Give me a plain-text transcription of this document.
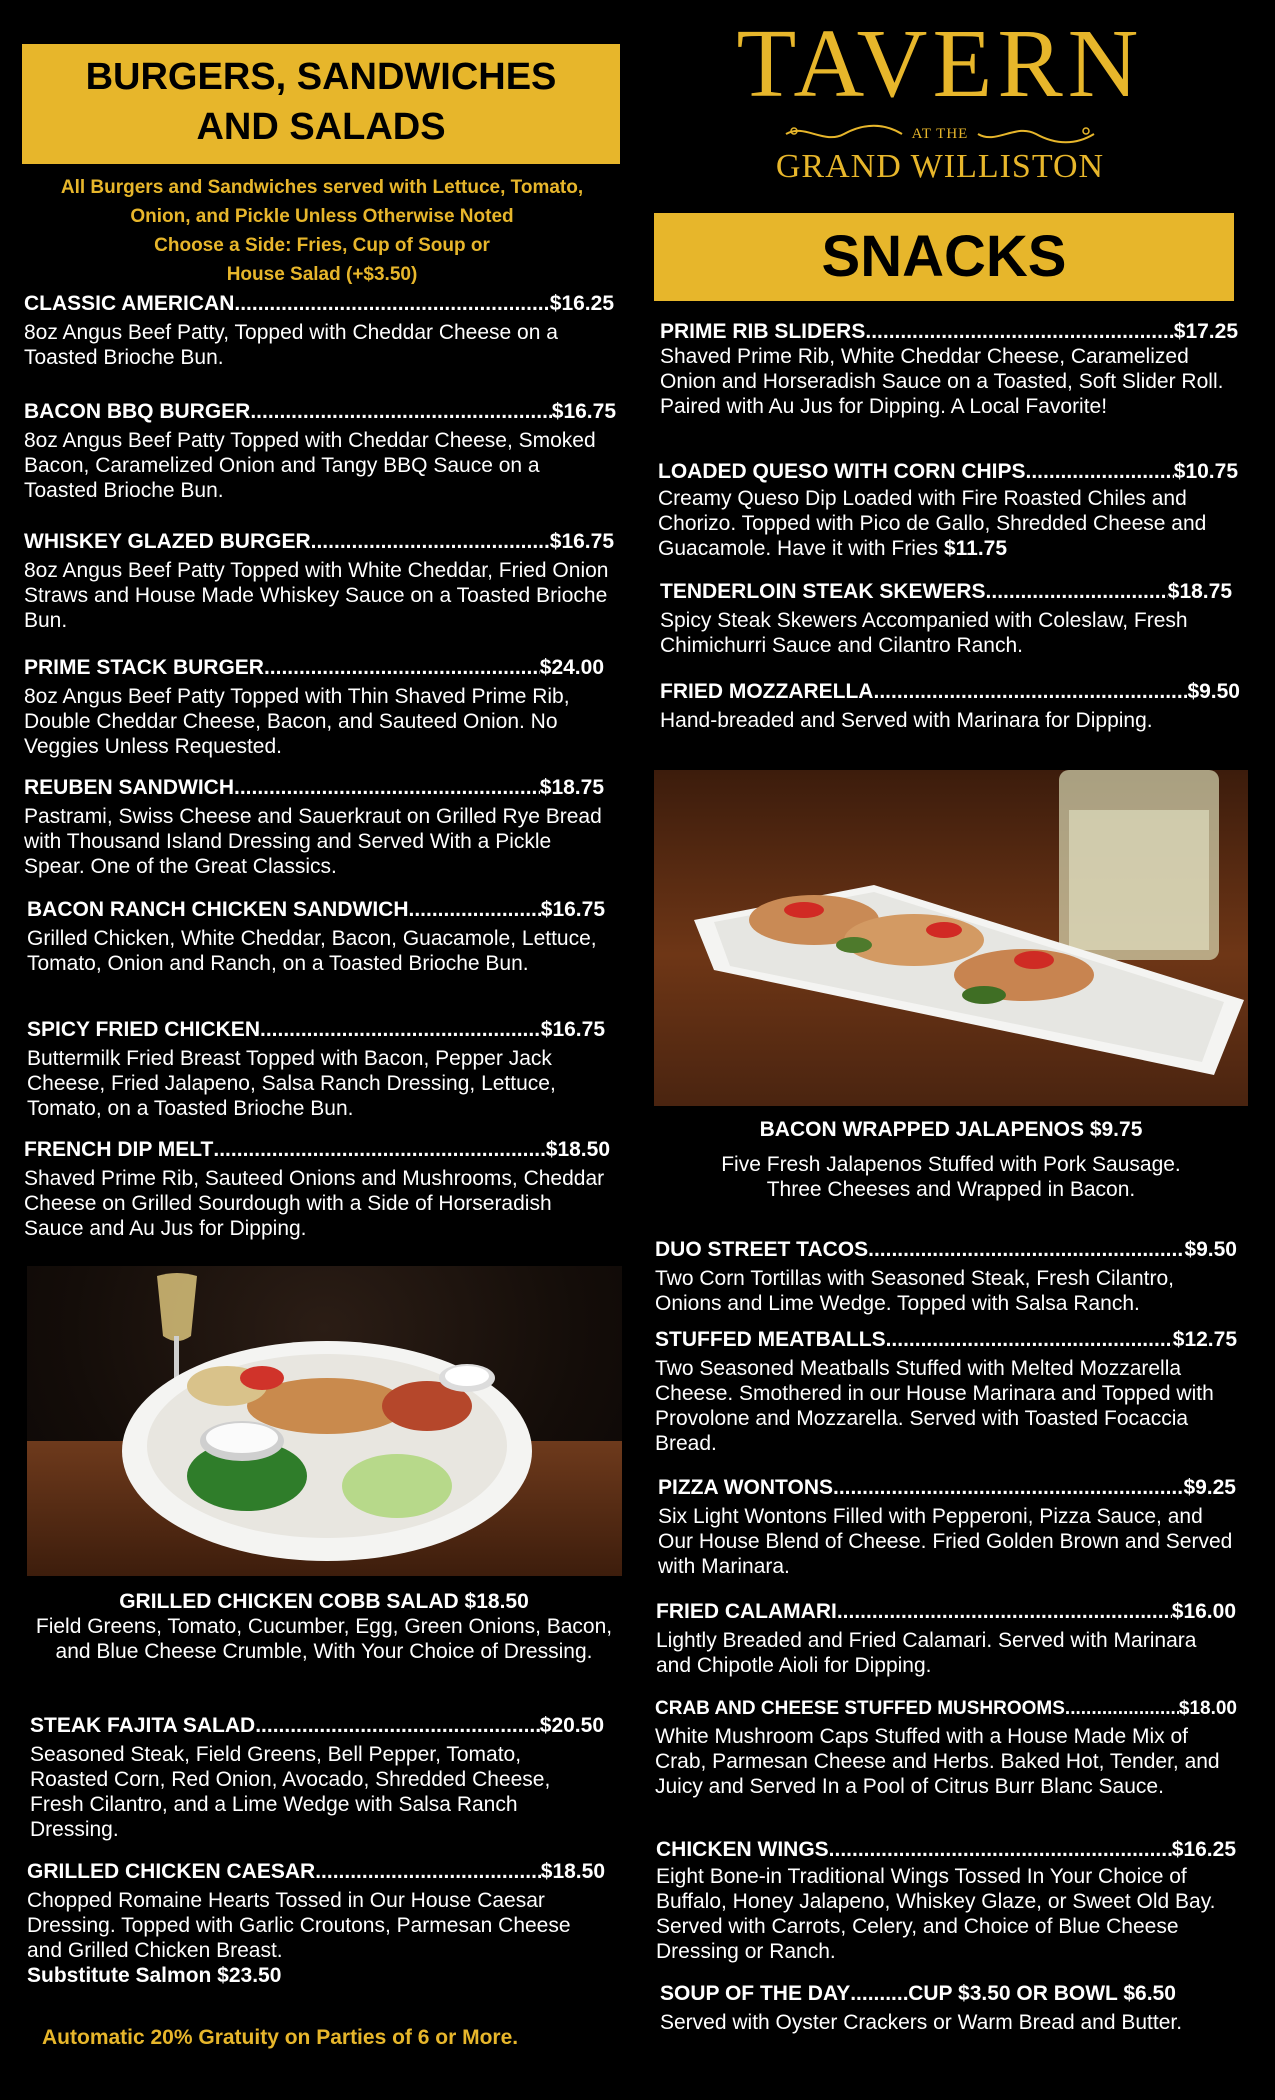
TAVERN
AT THE
GRAND WILLISTON
BURGERS, SANDWICHES
AND SALADS
All Burgers and Sandwiches served with Lettuce, Tomato,
Onion, and Pickle Unless Otherwise Noted
Choose a Side: Fries, Cup of Soup or
House Salad (+$3.50)
CLASSIC AMERICAN .....	$16.25
8oz Angus Beef Patty, Topped with Cheddar Cheese on a Toasted Brioche Bun.
BACON BBQ BURGER .....	$16.75
8oz Angus Beef Patty Topped with Cheddar Cheese, Smoked Bacon, Caramelized Onion and Tangy BBQ Sauce on a Toasted Brioche Bun.
WHISKEY GLAZED BURGER .....	$16.75
8oz Angus Beef Patty Topped with White Cheddar, Fried Onion Straws and House Made Whiskey Sauce on a Toasted Brioche Bun.
PRIME STACK BURGER .....	$24.00
8oz Angus Beef Patty Topped with Thin Shaved Prime Rib, Double Cheddar Cheese, Bacon, and Sauteed Onion. No Veggies Unless Requested.
REUBEN SANDWICH .....	$18.75
Pastrami, Swiss Cheese and Sauerkraut on Grilled Rye Bread with Thousand Island Dressing and Served With a Pickle Spear. One of the Great Classics.
BACON RANCH CHICKEN SANDWICH .....	$16.75
Grilled Chicken, White Cheddar, Bacon, Guacamole, Lettuce, Tomato, Onion and Ranch, on a Toasted Brioche Bun.
SPICY FRIED CHICKEN .....	$16.75
Buttermilk Fried Breast Topped with Bacon, Pepper Jack Cheese, Fried Jalapeno, Salsa Ranch Dressing, Lettuce, Tomato, on a Toasted Brioche Bun.
FRENCH DIP MELT .....	$18.50
Shaved Prime Rib, Sauteed Onions and Mushrooms, Cheddar Cheese on Grilled Sourdough with a Side of Horseradish Sauce and Au Jus for Dipping.
GRILLED CHICKEN COBB SALAD $18.50
Field Greens, Tomato, Cucumber, Egg, Green Onions, Bacon, and Blue Cheese Crumble, With Your Choice of Dressing.
STEAK FAJITA SALAD .....	$20.50
Seasoned Steak, Field Greens, Bell Pepper, Tomato, Roasted Corn, Red Onion, Avocado, Shredded Cheese, Fresh Cilantro, and a Lime Wedge with Salsa Ranch Dressing.
GRILLED CHICKEN CAESAR .....	$18.50
Chopped Romaine Hearts Tossed in Our House Caesar Dressing. Topped with Garlic Croutons, Parmesan Cheese and Grilled Chicken Breast.
Substitute Salmon $23.50
Automatic 20% Gratuity on Parties of 6 or More.
SNACKS
PRIME RIB SLIDERS .....	$17.25
Shaved Prime Rib, White Cheddar Cheese, Caramelized Onion and Horseradish Sauce on a Toasted, Soft Slider Roll. Paired with Au Jus for Dipping. A Local Favorite!
LOADED QUESO WITH CORN CHIPS .....	$10.75
Creamy Queso Dip Loaded with Fire Roasted Chiles and Chorizo. Topped with Pico de Gallo, Shredded Cheese and Guacamole. Have it with Fries $11.75
TENDERLOIN STEAK SKEWERS .....	$18.75
Spicy Steak Skewers Accompanied with Coleslaw, Fresh Chimichurri Sauce and Cilantro Ranch.
FRIED MOZZARELLA .....	$9.50
Hand-breaded and Served with Marinara for Dipping.
BACON WRAPPED JALAPENOS $9.75
Five Fresh Jalapenos Stuffed with Pork Sausage. Three Cheeses and Wrapped in Bacon.
DUO STREET TACOS .....	$9.50
Two Corn Tortillas with Seasoned Steak, Fresh Cilantro, Onions and Lime Wedge. Topped with Salsa Ranch.
STUFFED MEATBALLS .....	$12.75
Two Seasoned Meatballs Stuffed with Melted Mozzarella Cheese. Smothered in our House Marinara and Topped with Provolone and Mozzarella. Served with Toasted Focaccia Bread.
PIZZA WONTONS .....	$9.25
Six Light Wontons Filled with Pepperoni, Pizza Sauce, and Our House Blend of Cheese. Fried Golden Brown and Served with Marinara.
FRIED CALAMARI .....	$16.00
Lightly Breaded and Fried Calamari. Served with Marinara and Chipotle Aioli for Dipping.
CRAB AND CHEESE STUFFED MUSHROOMS .....	$18.00
White Mushroom Caps Stuffed with a House Made Mix of Crab, Parmesan Cheese and Herbs. Baked Hot, Tender, and Juicy and Served In a Pool of Citrus Burr Blanc Sauce.
CHICKEN WINGS .....	$16.25
Eight Bone-in Traditional Wings Tossed In Your Choice of Buffalo, Honey Jalapeno, Whiskey Glaze, or Sweet Old Bay. Served with Carrots, Celery, and Choice of Blue Cheese Dressing or Ranch.
SOUP OF THE DAY .....	CUP $3.50 OR BOWL $6.50
Served with Oyster Crackers or Warm Bread and Butter.
